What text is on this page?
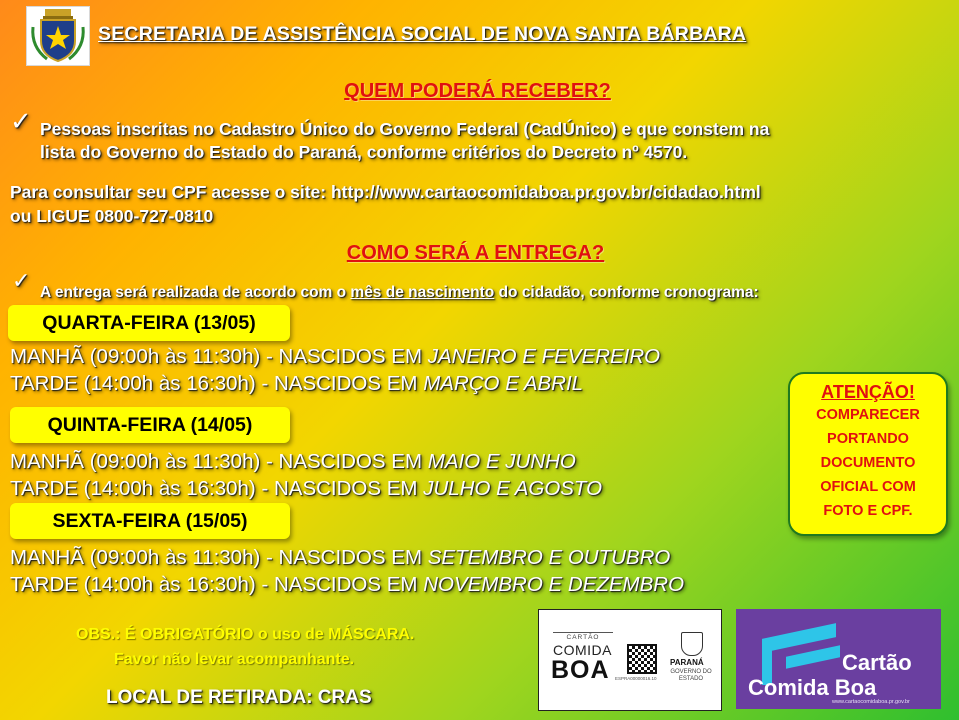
SECRETARIA DE ASSISTÊNCIA SOCIAL DE NOVA SANTA BÁRBARA
QUEM PODERÁ RECEBER?
✓ Pessoas inscritas no Cadastro Único do Governo Federal (CadÚnico) e que constem na
lista do Governo do Estado do Paraná, conforme critérios do Decreto nº 4570.
Para consultar seu CPF acesse o site: http://www.cartaocomidaboa.pr.gov.br/cidadao.html
ou LIGUE 0800-727-0810
COMO SERÁ A ENTREGA?
✓ A entrega será realizada de acordo com o mês de nascimento do cidadão, conforme cronograma:
QUARTA-FEIRA (13/05)
MANHÃ (09:00h às 11:30h) - NASCIDOS EM JANEIRO E FEVEREIRO
TARDE (14:00h às 16:30h) - NASCIDOS EM MARÇO E ABRIL
QUINTA-FEIRA (14/05)
MANHÃ (09:00h às 11:30h) - NASCIDOS EM MAIO E JUNHO
TARDE (14:00h às 16:30h) - NASCIDOS EM JULHO E AGOSTO
SEXTA-FEIRA (15/05)
MANHÃ (09:00h às 11:30h) - NASCIDOS EM SETEMBRO E OUTUBRO
TARDE (14:00h às 16:30h) - NASCIDOS EM NOVEMBRO E DEZEMBRO
ATENÇÃO!
COMPARECER
PORTANDO
DOCUMENTO
OFICIAL COM
FOTO E CPF.
OBS.: É OBRIGATÓRIO o uso de MÁSCARA.
Favor não levar acompanhante.
LOCAL DE RETIRADA: CRAS
CARTÃO
COMIDA
BOA ESPRA00000016.10
PARANÁ
GOVERNO DO ESTADO
Cartão
Comida Boa
www.cartaocomidaboa.pr.gov.br
